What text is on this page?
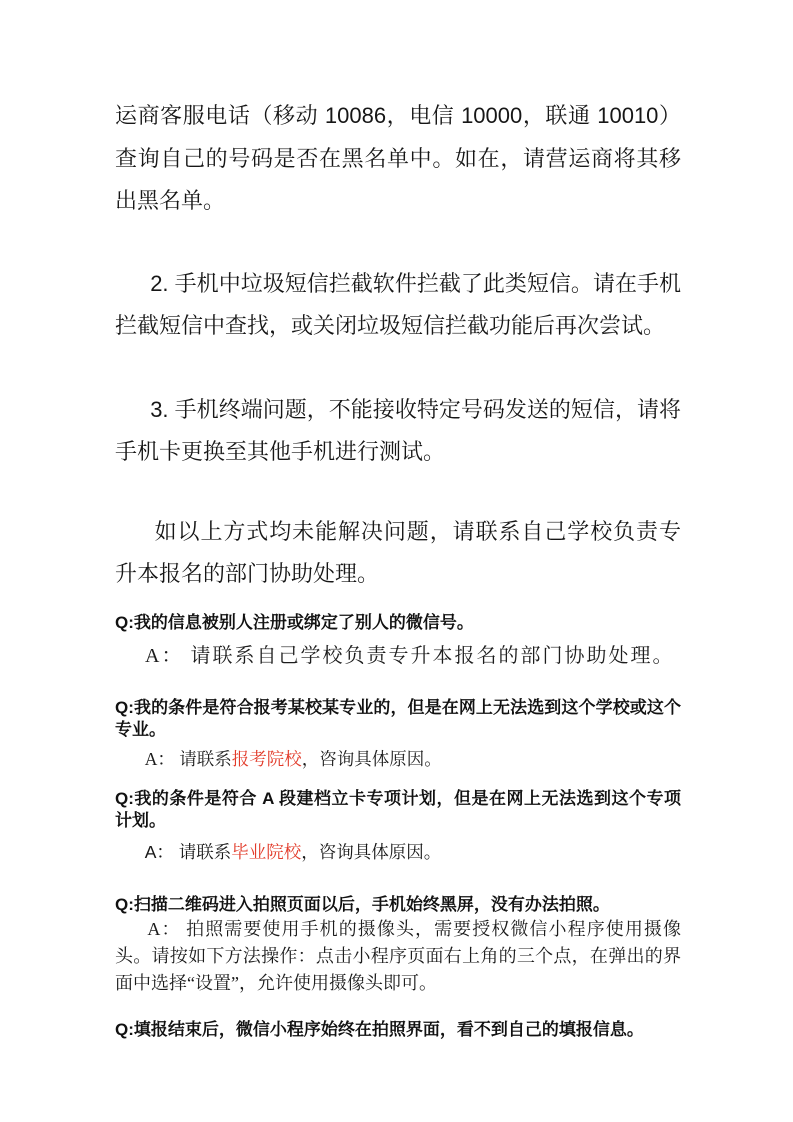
运商客服电话（移动 10086，电信 10000，联通 10010）查询自己的号码是否在黑名单中。如在，请营运商将其移出黑名单。

2. 手机中垃圾短信拦截软件拦截了此类短信。请在手机拦截短信中查找，或关闭垃圾短信拦截功能后再次尝试。

3. 手机终端问题，不能接收特定号码发送的短信，请将手机卡更换至其他手机进行测试。

如以上方式均未能解决问题，请联系自己学校负责专升本报名的部门协助处理。

Q:我的信息被别人注册或绑定了别人的微信号。

A： 请联系自己学校负责专升本报名的部门协助处理。

Q:我的条件是符合报考某校某专业的，但是在网上无法选到这个学校或这个专业。

A： 请联系报考院校，咨询具体原因。

Q:我的条件是符合 A 段建档立卡专项计划，但是在网上无法选到这个专项计划。

A： 请联系毕业院校，咨询具体原因。

Q:扫描二维码进入拍照页面以后，手机始终黑屏，没有办法拍照。

A： 拍照需要使用手机的摄像头，需要授权微信小程序使用摄像头。请按如下方法操作：点击小程序页面右上角的三个点，在弹出的界面中选择“设置”，允许使用摄像头即可。

Q:填报结束后，微信小程序始终在拍照界面，看不到自己的填报信息。
